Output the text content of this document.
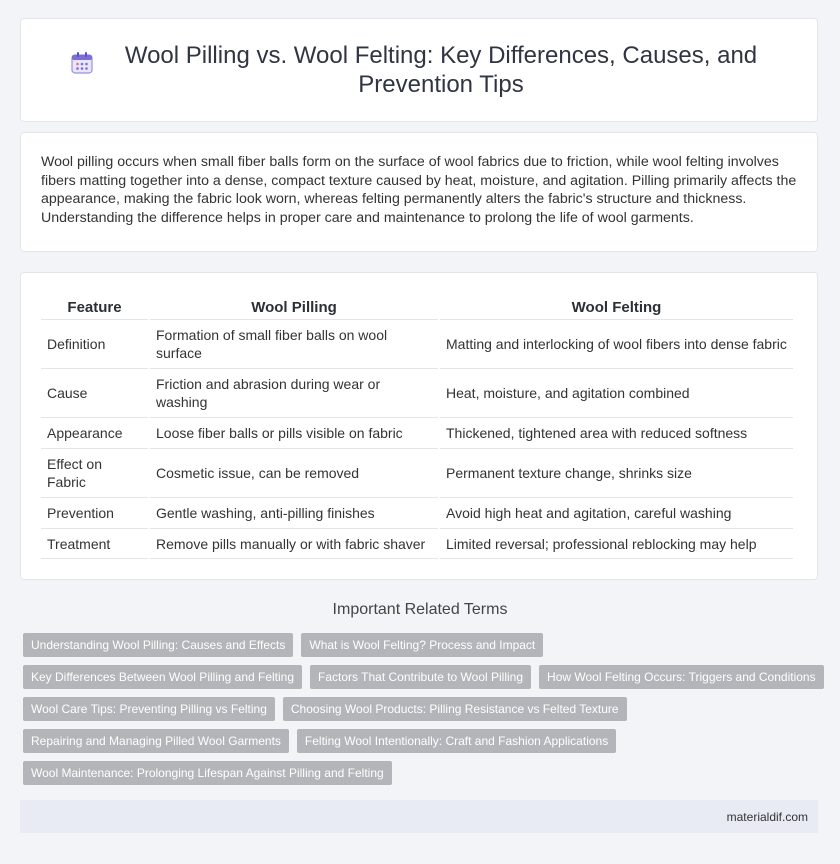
Wool Pilling vs. Wool Felting: Key Differences, Causes, and Prevention Tips

Wool pilling occurs when small fiber balls form on the surface of wool fabrics due to friction, while wool felting involves fibers matting together into a dense, compact texture caused by heat, moisture, and agitation. Pilling primarily affects the appearance, making the fabric look worn, whereas felting permanently alters the fabric's structure and thickness. Understanding the difference helps in proper care and maintenance to prolong the life of wool garments.

Feature	Wool Pilling	Wool Felting
Definition	Formation of small fiber balls on wool surface	Matting and interlocking of wool fibers into dense fabric
Cause	Friction and abrasion during wear or washing	Heat, moisture, and agitation combined
Appearance	Loose fiber balls or pills visible on fabric	Thickened, tightened area with reduced softness
Effect on Fabric	Cosmetic issue, can be removed	Permanent texture change, shrinks size
Prevention	Gentle washing, anti-pilling finishes	Avoid high heat and agitation, careful washing
Treatment	Remove pills manually or with fabric shaver	Limited reversal; professional reblocking may help
Important Related Terms
Understanding Wool Pilling: Causes and Effects	What is Wool Felting? Process and Impact
Key Differences Between Wool Pilling and Felting	Factors That Contribute to Wool Pilling	How Wool Felting Occurs: Triggers and Conditions
Wool Care Tips: Preventing Pilling vs Felting	Choosing Wool Products: Pilling Resistance vs Felted Texture
Repairing and Managing Pilled Wool Garments	Felting Wool Intentionally: Craft and Fashion Applications
Wool Maintenance: Prolonging Lifespan Against Pilling and Felting
materialdif.com
